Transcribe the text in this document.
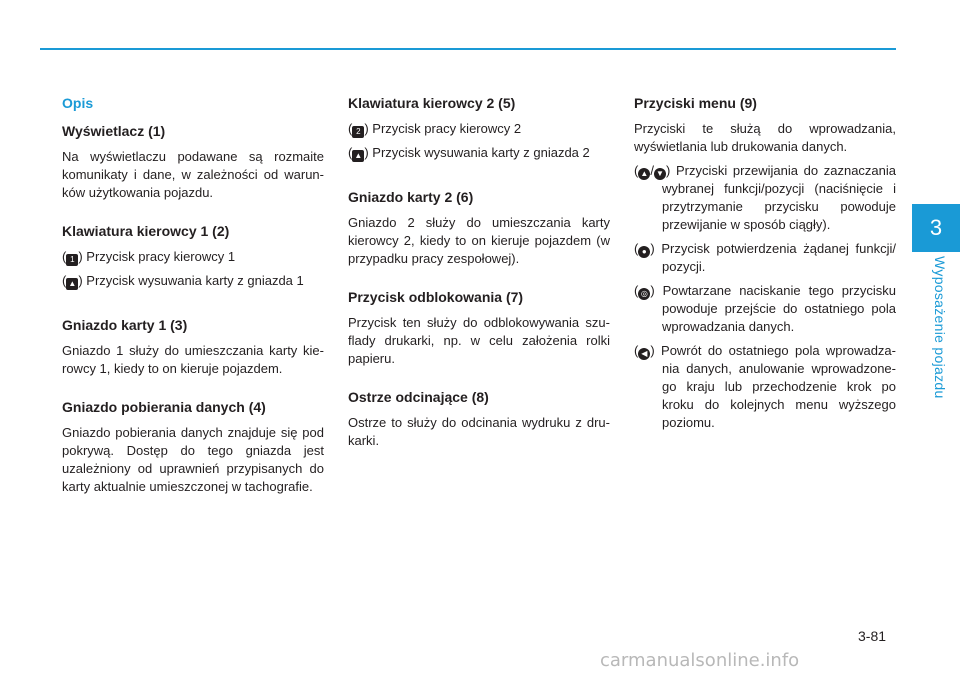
Opis
Wyświetlacz (1)

Na wyświetlaczu podawane są rozmaite komunikaty i dane, w zależności od warun- ków użytkowania pojazdu.

Klawiatura kierowcy 1 (2)
( 1 ) Przycisk pracy kierowcy 1
( ▲ ) Przycisk wysuwania karty z gniazda 1
Gniazdo karty 1 (3)

Gniazdo 1 służy do umieszczania karty kie- rowcy 1, kiedy to on kieruje pojazdem.

Gniazdo pobierania danych (4)

Gniazdo pobierania danych znajduje się pod pokrywą. Dostęp do tego gniazda jest uzależniony od uprawnień przypisanych do karty aktualnie umieszczonej w tachografie.

Klawiatura kierowcy 2 (5)
( 2 ) Przycisk pracy kierowcy 2
( ▲ ) Przycisk wysuwania karty z gniazda 2
Gniazdo karty 2 (6)

Gniazdo 2 służy do umieszczania karty kierowcy 2, kiedy to on kieruje pojazdem (w przypadku pracy zespołowej).

Przycisk odblokowania (7)

Przycisk ten służy do odblokowywania szu- flady drukarki, np. w celu założenia rolki papieru.

Ostrze odcinające (8)

Ostrze to służy do odcinania wydruku z dru- karki.

Przyciski menu (9)

Przyciski te służą do wprowadzania, wyświetlania lub drukowania danych.

( ▲ / ▼ ) Przyciski przewijania do zaznaczania wybranej funkcji/pozycji (naciśnięcie i przytrzymanie przycisku powoduje przewijanie w sposób ciągły).
( ● ) Przycisk potwierdzenia żądanej funkcji/ pozycji.
( ◎ ) Powtarzane naciskanie tego przycisku powoduje przejście do ostatniego pola wprowadzania danych.
( ◀ ) Powrót do ostatniego pola wprowadza- nia danych, anulowanie wprowadzone- go kraju lub przechodzenie krok po kroku do kolejnych menu wyższego poziomu.
3
Wyposażenie pojazdu
3-81
carmanualsonline.info
